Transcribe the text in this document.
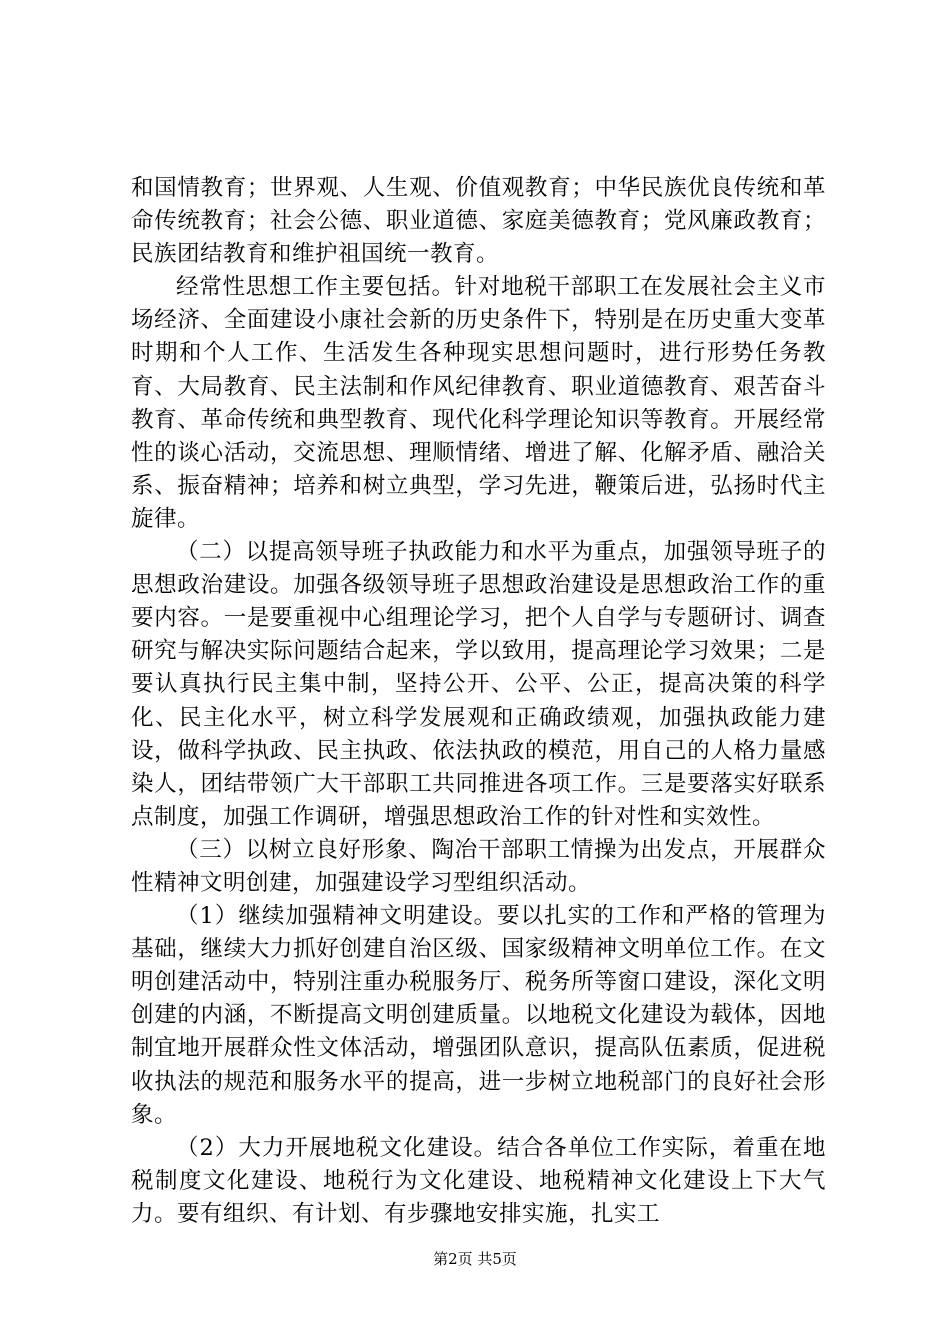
和国情教育；世界观、人生观、价值观教育；中华民族优良传统和革命传统教育；社会公德、职业道德、家庭美德教育；党风廉政教育；民族团结教育和维护祖国统一教育。

经常性思想工作主要包括。针对地税干部职工在发展社会主义市场经济、全面建设小康社会新的历史条件下，特别是在历史重大变革时期和个人工作、生活发生各种现实思想问题时，进行形势任务教育、大局教育、民主法制和作风纪律教育、职业道德教育、艰苦奋斗教育、革命传统和典型教育、现代化科学理论知识等教育。开展经常性的谈心活动，交流思想、理顺情绪、增进了解、化解矛盾、融洽关系、振奋精神；培养和树立典型，学习先进，鞭策后进，弘扬时代主旋律。

（二）以提高领导班子执政能力和水平为重点，加强领导班子的思想政治建设。加强各级领导班子思想政治建设是思想政治工作的重要内容。一是要重视中心组理论学习，把个人自学与专题研讨、调查研究与解决实际问题结合起来，学以致用，提高理论学习效果；二是要认真执行民主集中制，坚持公开、公平、公正，提高决策的科学化、民主化水平，树立科学发展观和正确政绩观，加强执政能力建设，做科学执政、民主执政、依法执政的模范，用自己的人格力量感染人，团结带领广大干部职工共同推进各项工作。三是要落实好联系点制度，加强工作调研，增强思想政治工作的针对性和实效性。

（三）以树立良好形象、陶冶干部职工情操为出发点，开展群众性精神文明创建，加强建设学习型组织活动。

（1）继续加强精神文明建设。要以扎实的工作和严格的管理为基础，继续大力抓好创建自治区级、国家级精神文明单位工作。在文明创建活动中，特别注重办税服务厅、税务所等窗口建设，深化文明创建的内涵，不断提高文明创建质量。以地税文化建设为载体，因地制宜地开展群众性文体活动，增强团队意识，提高队伍素质，促进税收执法的规范和服务水平的提高，进一步树立地税部门的良好社会形象。

（2）大力开展地税文化建设。结合各单位工作实际，着重在地税制度文化建设、地税行为文化建设、地税精神文化建设上下大气力。要有组织、有计划、有步骤地安排实施，扎实工

第2页 共5页
